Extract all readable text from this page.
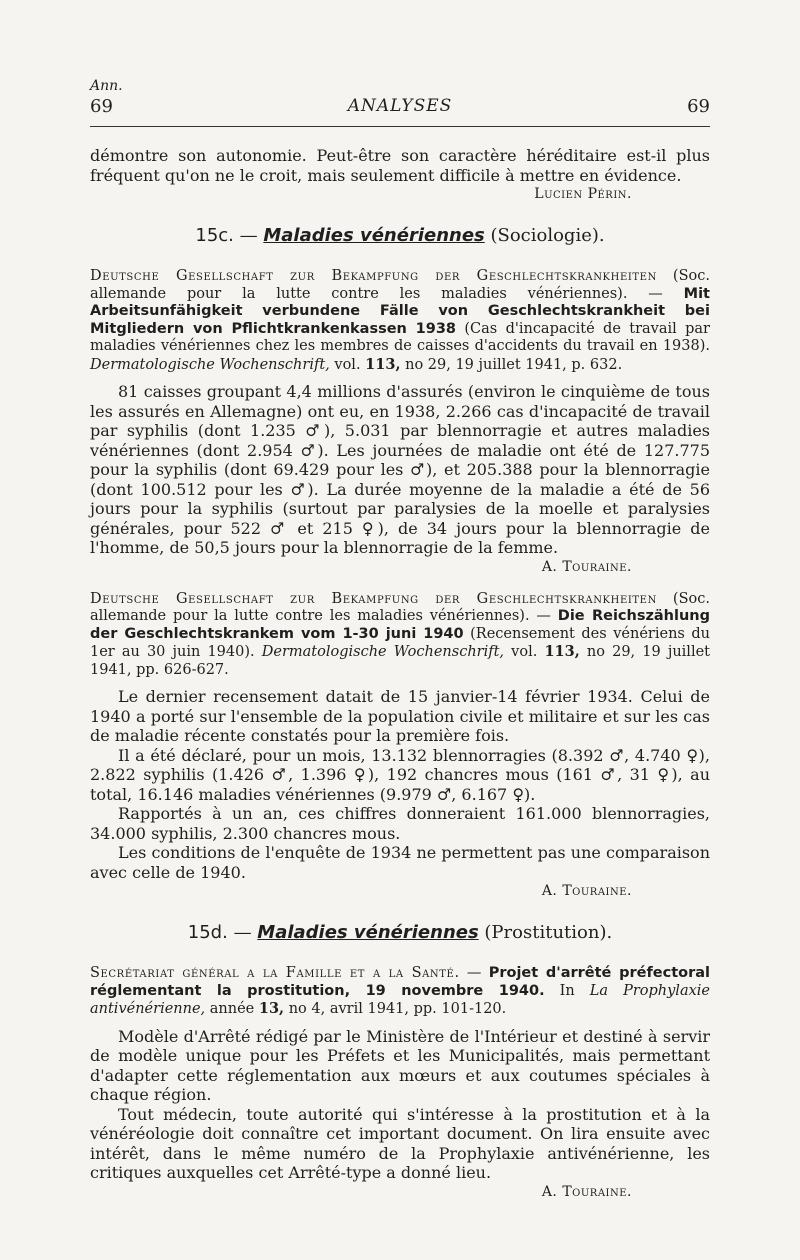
Ann.
69	ANALYSES	69

démontre son autonomie. Peut-être son caractère héréditaire est-il plus fréquent qu'on ne le croit, mais seulement difficile à mettre en évidence.

Lucien Périn.
15c. — Maladies vénériennes (Sociologie).

Deutsche Gesellschaft zur Bekampfung der Geschlechtskrankheiten (Soc. allemande pour la lutte contre les maladies vénériennes). — Mit Arbeitsunfähigkeit verbundene Fälle von Geschlechtskrankheit bei Mitgliedern von Pflichtkrankenkassen 1938 (Cas d'incapacité de travail par maladies vénériennes chez les membres de caisses d'accidents du travail en 1938). Dermatologische Wochenschrift, vol. 113, no 29, 19 juillet 1941, p. 632.

81 caisses groupant 4,4 millions d'assurés (environ le cinquième de tous les assurés en Allemagne) ont eu, en 1938, 2.266 cas d'incapacité de travail par syphilis (dont 1.235 ♂), 5.031 par blennorragie et autres maladies vénériennes (dont 2.954 ♂). Les journées de maladie ont été de 127.775 pour la syphilis (dont 69.429 pour les ♂), et 205.388 pour la blennorragie (dont 100.512 pour les ♂). La durée moyenne de la maladie a été de 56 jours pour la syphilis (surtout par paralysies de la moelle et paralysies générales, pour 522 ♂ et 215 ♀), de 34 jours pour la blennorragie de l'homme, de 50,5 jours pour la blennorragie de la femme.

A. Touraine.

Deutsche Gesellschaft zur Bekampfung der Geschlechtskrankheiten (Soc. allemande pour la lutte contre les maladies vénériennes). — Die Reichszählung der Geschlechtskrankem vom 1-30 juni 1940 (Recensement des vénériens du 1er au 30 juin 1940). Dermatologische Wochenschrift, vol. 113, no 29, 19 juillet 1941, pp. 626-627.

Le dernier recensement datait de 15 janvier-14 février 1934. Celui de 1940 a porté sur l'ensemble de la population civile et militaire et sur les cas de maladie récente constatés pour la première fois.

Il a été déclaré, pour un mois, 13.132 blennorragies (8.392 ♂, 4.740 ♀), 2.822 syphilis (1.426 ♂, 1.396 ♀), 192 chancres mous (161 ♂, 31 ♀), au total, 16.146 maladies vénériennes (9.979 ♂, 6.167 ♀).

Rapportés à un an, ces chiffres donneraient 161.000 blennorragies, 34.000 syphilis, 2.300 chancres mous.

Les conditions de l'enquête de 1934 ne permettent pas une comparaison avec celle de 1940.

A. Touraine.
15d. — Maladies vénériennes (Prostitution).

Secrétariat général a la Famille et a la Santé. — Projet d'arrêté préfectoral réglementant la prostitution, 19 novembre 1940. In La Prophylaxie antivénérienne, année 13, no 4, avril 1941, pp. 101-120.

Modèle d'Arrêté rédigé par le Ministère de l'Intérieur et destiné à servir de modèle unique pour les Préfets et les Municipalités, mais permettant d'adapter cette réglementation aux mœurs et aux coutumes spéciales à chaque région.

Tout médecin, toute autorité qui s'intéresse à la prostitution et à la vénéréologie doit connaître cet important document. On lira ensuite avec intérêt, dans le même numéro de la Prophylaxie antivénérienne, les critiques auxquelles cet Arrêté-type a donné lieu.

A. Touraine.
